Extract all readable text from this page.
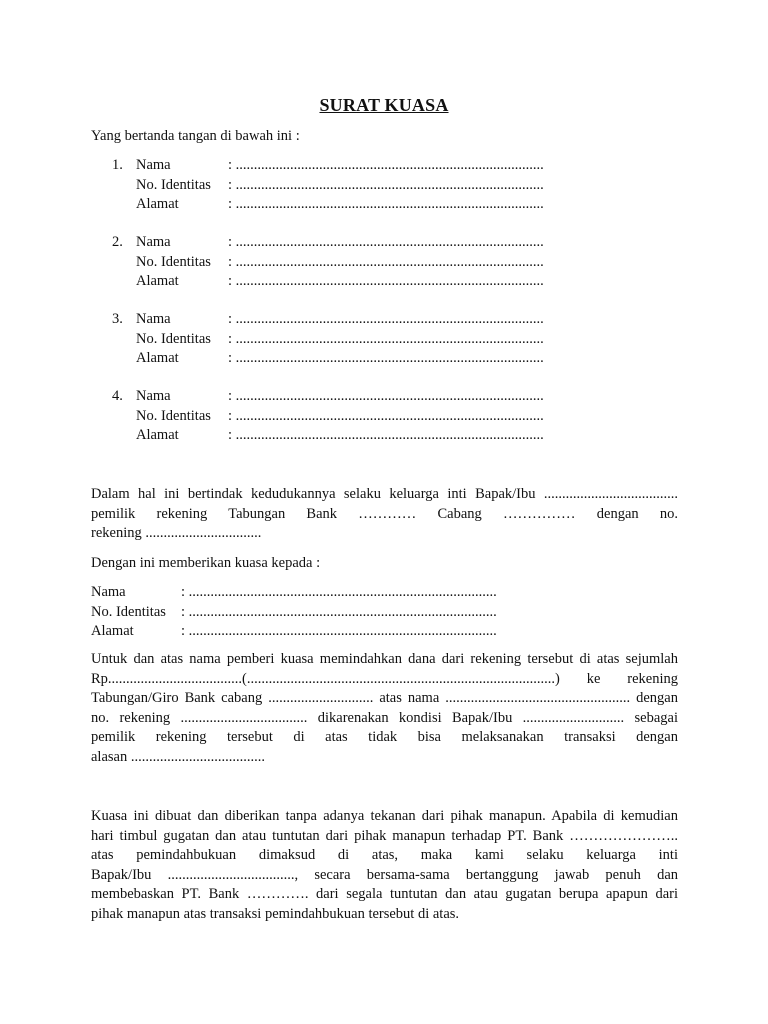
SURAT KUASA
Yang bertanda tangan di bawah ini :
1. Nama	: .....................................................................................
No. Identitas : .....................................................................................
Alamat	: .....................................................................................
2. Nama	: .....................................................................................
No. Identitas : .....................................................................................
Alamat	: .....................................................................................
3. Nama	: .....................................................................................
No. Identitas : .....................................................................................
Alamat	: .....................................................................................
4. Nama	: .....................................................................................
No. Identitas : .....................................................................................
Alamat	: .....................................................................................

Dalam hal ini bertindak kedudukannya selaku keluarga inti Bapak/Ibu .....................................

pemilik rekening Tabungan Bank ………… Cabang …………… dengan no.

rekening ................................

Dengan ini memberikan kuasa kepada :
Nama	: .....................................................................................
No. Identitas : .....................................................................................
Alamat	: .....................................................................................

Untuk dan atas nama pemberi kuasa memindahkan dana dari rekening tersebut di atas sejumlah

Rp.....................................(.....................................................................................) ke rekening

Tabungan/Giro Bank cabang ............................. atas nama ................................................... dengan

no. rekening ................................... dikarenakan kondisi Bapak/Ibu ............................ sebagai

pemilik rekening tersebut di atas tidak bisa melaksanakan transaksi dengan

alasan .....................................

Kuasa ini dibuat dan diberikan tanpa adanya tekanan dari pihak manapun. Apabila di kemudian

hari timbul gugatan dan atau tuntutan dari pihak manapun terhadap PT. Bank …………………..

atas pemindahbukuan dimaksud di atas, maka kami selaku keluarga inti

Bapak/Ibu ..................................., secara bersama-sama bertanggung jawab penuh dan

membebaskan PT. Bank …………. dari segala tuntutan dan atau gugatan berupa apapun dari

pihak manapun atas transaksi pemindahbukuan tersebut di atas.
